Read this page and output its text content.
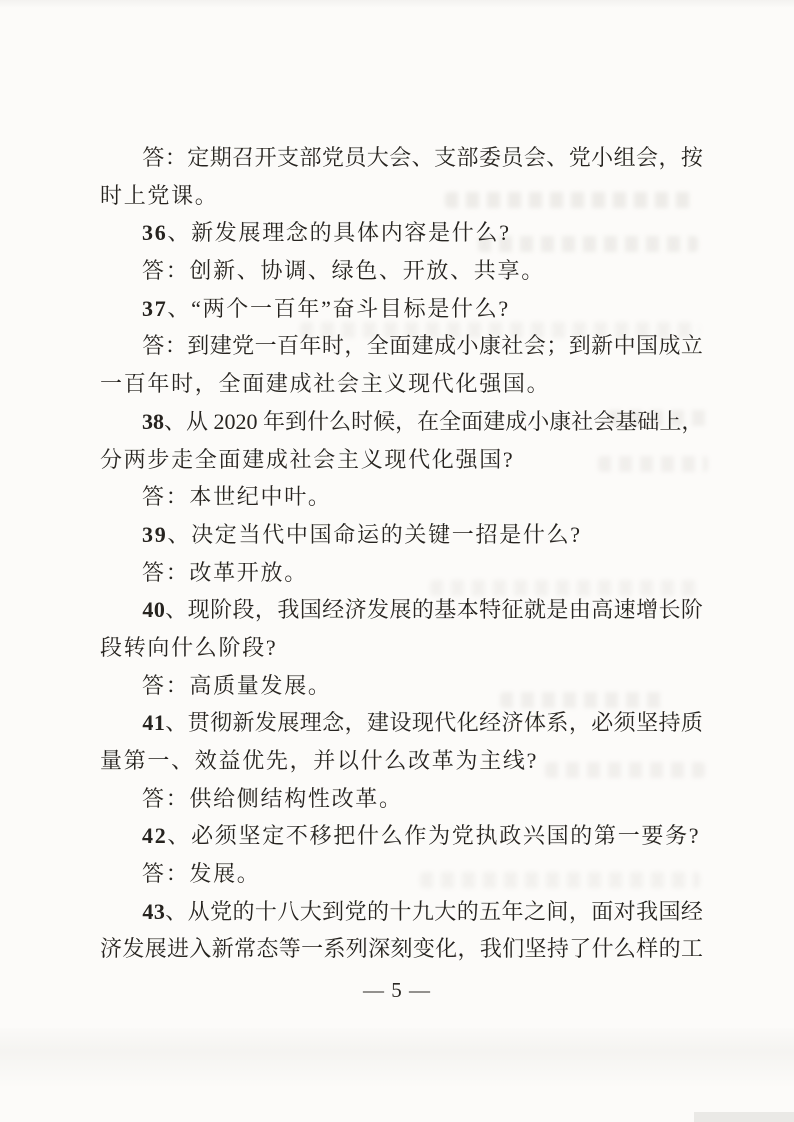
答 ： 定 期 召 开 支 部 党 员 大 会 、 支 部 委 员 会 、 党 小 组 会 ， 按
时上党课。
36、新发展理念的具体内容是什么?
答：创新、协调、绿色、开放、共享。
37、“两个一百年”奋斗目标是什么?
答 ： 到 建 党 一 百 年 时 ， 全 面 建 成 小 康 社 会 ； 到 新 中 国 成 立
一百年时，全面建成社会主义现代化强国。
3 8 、 从
2 0 2 0
年 到 什 么 时 候 ， 在 全 面 建 成 小 康 社 会 基 础 上 ，
分两步走全面建成社会主义现代化强国?
答：本世纪中叶。
39、决定当代中国命运的关键一招是什么?
答：改革开放。
4 0 、 现 阶 段 ， 我 国 经 济 发 展 的 基 本 特 征 就 是 由 高 速 增 长 阶
段转向什么阶段?
答：高质量发展。
4 1 、 贯 彻 新 发 展 理 念 ， 建 设 现 代 化 经 济 体 系 ， 必 须 坚 持 质
量第一、效益优先，并以什么改革为主线?
答：供给侧结构性改革。
42、必须坚定不移把什么作为党执政兴国的第一要务?
答：发展。
4 3 、 从 党 的 十 八 大 到 党 的 十 九 大 的 五 年 之 间 ， 面 对 我 国 经
济 发 展 进 入 新 常 态 等 一 系 列 深 刻 变 化 ， 我 们 坚 持 了 什 么 样 的 工
— 5 —
